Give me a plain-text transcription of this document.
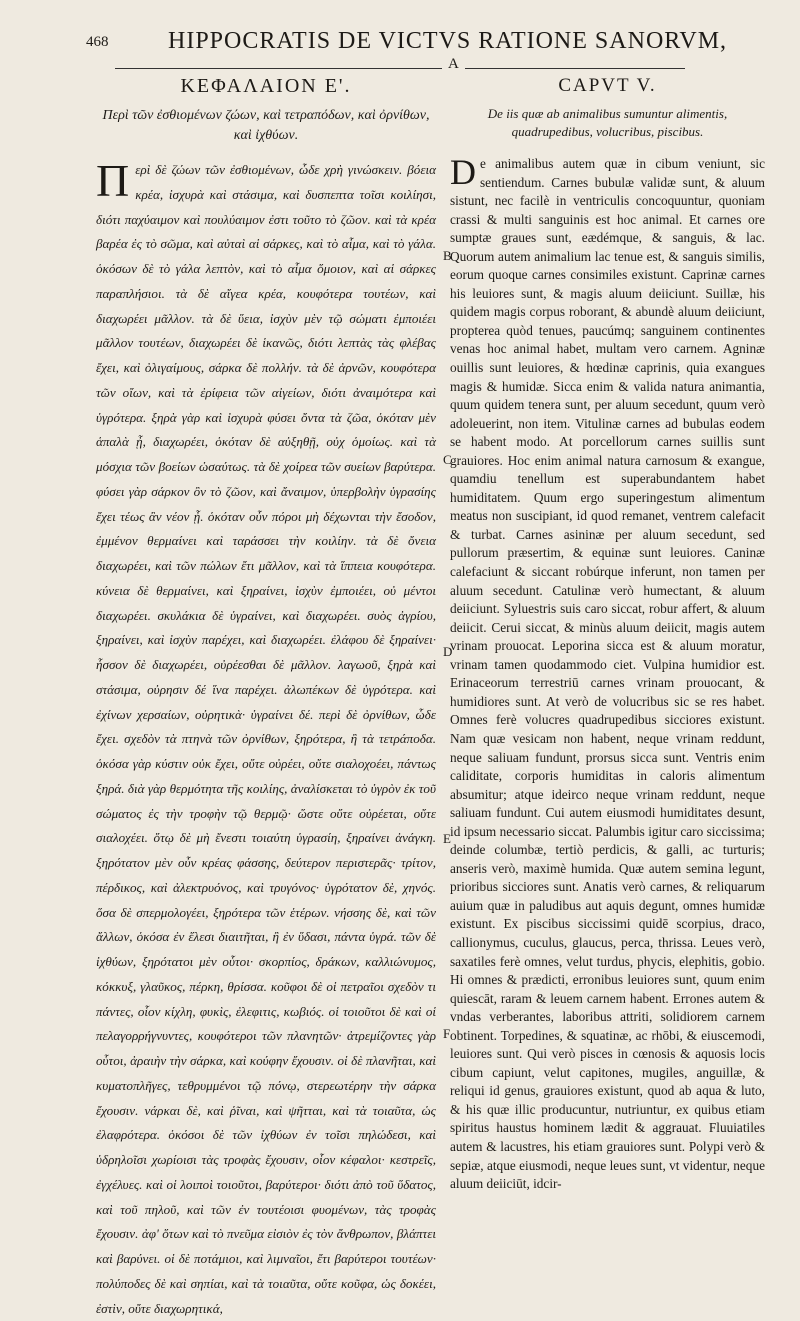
468 HIPPOCRATIS DE VICTVS RATIONE SANORVM,
A
ΚΕΦΑΛΑΙΟΝ Ε'.
Περὶ τῶν ἐσθιομένων ζώων, καὶ τετραπόδων, καὶ ὀρνίθων, καὶ ἰχθύων.

Περὶ δὲ ζώων τῶν ἐσθιομένων, ὧδε χρὴ γινώσκειν. βόεια κρέα, ἰσχυρὰ καὶ στάσιμα, καὶ δυσπεπτα τοῖσι κοιλίησι, διότι παχύαιμον καὶ πουλύαιμον ἐστι τοῦτο τὸ ζῶον. καὶ τὰ κρέα βαρέα ἐς τὸ σῶμα, καὶ αὐταὶ αἱ σάρκες, καὶ τὸ αἷμα, καὶ τὸ γάλα. ὁκόσων δὲ τὸ γάλα λεπτὸν, καὶ τὸ αἷμα ὅμοιον, καὶ αἱ σάρκες παραπλήσιοι. τὰ δὲ αἴγεα κρέα, κουφότερα τουτέων, καὶ διαχωρέει μᾶλλον. τὰ δὲ ὕεια, ἰσχὺν μὲν τῷ σώματι ἐμποιέει μᾶλλον τουτέων, διαχωρέει δὲ ἱκανῶς, διότι λεπτὰς τὰς φλέβας ἔχει, καὶ ὀλιγαίμους, σάρκα δὲ πολλήν. τὰ δὲ ἀρνῶν, κουφότερα τῶν οἴων, καὶ τὰ ἐρίφεια τῶν αἰγείων, διότι ἀναιμότερα καὶ ὑγρότερα. ξηρὰ γὰρ καὶ ἰσχυρὰ φύσει ὄντα τὰ ζῶα, ὁκόταν μὲν ἁπαλὰ ᾖ, διαχωρέει, ὁκόταν δὲ αὐξηθῇ, οὐχ ὁμοίως. καὶ τὰ μόσχια τῶν βοείων ὡσαύτως. τὰ δὲ χοίρεα τῶν συείων βαρύτερα. φύσει γὰρ σάρκον ὂν τὸ ζῶον, καὶ ἄναιμον, ὑπερβολὴν ὑγρασίης ἔχει τέως ἂν νέον ᾖ. ὁκόταν οὖν πόροι μὴ δέχωνται τὴν ἔσοδον, ἐμμένον θερμαίνει καὶ ταράσσει τὴν κοιλίην. τὰ δὲ ὄνεια διαχωρέει, καὶ τῶν πώλων ἔτι μᾶλλον, καὶ τὰ ἵππεια κουφότερα. κύνεια δὲ θερμαίνει, καὶ ξηραίνει, ἰσχὺν ἐμποιέει, οὐ μέντοι διαχωρέει. σκυλάκια δὲ ὑγραίνει, καὶ διαχωρέει. συὸς ἀγρίου, ξηραίνει, καὶ ἰσχὺν παρέχει, καὶ διαχωρέει. ἐλάφου δὲ ξηραίνει· ἧσσον δὲ διαχωρέει, οὐρέεσθαι δὲ μᾶλλον. λαγωοῦ, ξηρὰ καὶ στάσιμα, οὐρησιν δέ ἵνα παρέχει. ἀλωπέκων δὲ ὑγρότερα. καὶ ἐχίνων χερσαίων, οὐρητικὰ· ὑγραίνει δέ. περὶ δὲ ὀρνίθων, ὧδε ἔχει. σχεδὸν τὰ πτηνὰ τῶν ὀρνίθων, ξηρότερα, ἢ τὰ τετράποδα. ὁκόσα γὰρ κύστιν οὐκ ἔχει, οὔτε οὐρέει, οὔτε σιαλοχοέει, πάντως ξηρά. διὰ γὰρ θερμότητα τῆς κοιλίης, ἀναλίσκεται τὸ ὑγρὸν ἐκ τοῦ σώματος ἐς τὴν τροφὴν τῷ θερμῷ· ὥστε οὔτε οὐρέεται, οὔτε σιαλοχέει. ὅτῳ δὲ μὴ ἔνεστι τοιαύτη ὑγρασίη, ξηραίνει ἀνάγκη. ξηρότατον μὲν οὖν κρέας φάσσης, δεύτερον περιστερᾶς· τρίτον, πέρδικος, καὶ ἀλεκτρυόνος, καὶ τρυγόνος· ὑγρότατον δὲ, χηνός. ὅσα δὲ σπερμολογέει, ξηρότερα τῶν ἑτέρων. νήσσης δὲ, καὶ τῶν ἄλλων, ὁκόσα ἐν ἕλεσι διαιτῆται, ἢ ἐν ὕδασι, πάντα ὑγρά. τῶν δὲ ἰχθύων, ξηρότατοι μὲν οὗτοι· σκορπίος, δράκων, καλλιώνυμος, κόκκυξ, γλαῦκος, πέρκη, θρίσσα. κοῦφοι δὲ οἱ πετραῖοι σχεδὸν τι πάντες, οἷον κίχλη, φυκὶς, ἐλεφιτις, κωβιός. οἱ τοιοῦτοι δὲ καὶ οἱ πελαγορρήγνυντες, κουφότεροι τῶν πλανητῶν· ἀτρεμίζοντες γὰρ οὗτοι, ἀραιὴν τὴν σάρκα, καὶ κούφην ἔχουσιν. οἱ δὲ πλανῆται, καὶ κυματοπλῆγες, τεθρυμμένοι τῷ πόνῳ, στερεωτέρην τὴν σάρκα ἔχουσιν. νάρκαι δὲ, καὶ ῥῖναι, καὶ ψῆτται, καὶ τὰ τοιαῦτα, ὡς ἐλαφρότερα. ὁκόσοι δὲ τῶν ἰχθύων ἐν τοῖσι πηλώδεσι, καὶ ὑδρηλοῖσι χωρίοισι τὰς τροφὰς ἔχουσιν, οἷον κέφαλοι· κεστρεῖς, ἐγχέλυες. καὶ οἱ λοιποὶ τοιοῦτοι, βαρύτεροι· διότι ἀπὸ τοῦ ὕδατος, καὶ τοῦ πηλοῦ, καὶ τῶν ἐν τουτέοισι φυομένων, τὰς τροφὰς ἔχουσιν. ἀφ' ὅτων καὶ τὸ πνεῦμα εἰσιὸν ἐς τὸν ἄνθρωπον, βλάπτει καὶ βαρύνει. οἱ δὲ ποτάμιοι, καὶ λιμναῖοι, ἔτι βαρύτεροι τουτέων· πολύποδες δὲ καὶ σηπίαι, καὶ τὰ τοιαῦτα, οὔτε κοῦφα, ὡς δοκέει, ἐστὶν, οὔτε διαχωρητικά,

B
C
D
E
F
CAPVT V.
De iis quæ ab animalibus sumuntur alimentis, quadrupedibus, volucribus, piscibus.

De animalibus autem quæ in cibum veniunt, sic sentiendum. Carnes bubulæ validæ sunt, & aluum sistunt, nec facilè in ventriculis concoquuntur, quoniam crassi & multi sanguinis est hoc animal. Et carnes ore sumptæ graues sunt, eædémque, & sanguis, & lac. Quorum autem animalium lac tenue est, & sanguis similis, eorum quoque carnes consimiles existunt. Caprinæ carnes his leuiores sunt, & magis aluum deiiciunt. Suillæ, his quidem magis corpus roborant, & abundè aluum deiiciunt, propterea quòd tenues, paucúmq; sanguinem continentes venas hoc animal habet, multam vero carnem. Agninæ ouillis sunt leuiores, & hœdinæ caprinis, quia exangues magis & humidæ. Sicca enim & valida natura animantia, quum quidem tenera sunt, per aluum secedunt, quum verò adoleuerint, non item. Vitulinæ carnes ad bubulas eodem se habent modo. At porcellorum carnes suillis sunt grauiores. Hoc enim animal natura carnosum & exangue, quamdiu tenellum est superabundantem habet humiditatem. Quum ergo superingestum alimentum meatus non suscipiant, id quod remanet, ventrem calefacit & turbat. Carnes asininæ per aluum secedunt, sed pullorum præsertim, & equinæ sunt leuiores. Caninæ calefaciunt & siccant robúrque inferunt, non tamen per aluum secedunt. Catulinæ verò humectant, & aluum deiiciunt. Syluestris suis caro siccat, robur affert, & aluum deiicit. Cerui siccat, & minùs aluum deiicit, magis autem vrinam prouocat. Leporina sicca est & aluum moratur, vrinam tamen quodammodo ciet. Vulpina humidior est. Erinaceorum terrestriū carnes vrinam prouocant, & humidiores sunt. At verò de volucribus sic se res habet. Omnes ferè volucres quadrupedibus sicciores existunt. Nam quæ vesicam non habent, neque vrinam reddunt, neque saliuam fundunt, prorsus sicca sunt. Ventris enim caliditate, corporis humiditas in caloris alimentum absumitur; atque ideirco neque vrinam reddunt, neque saliuam fundunt. Cui autem eiusmodi humiditates desunt, id ipsum necessario siccat. Palumbis igitur caro siccissima; deinde columbæ, tertiò perdicis, & galli, ac turturis; anseris verò, maximè humida. Quæ autem semina legunt, prioribus sicciores sunt. Anatis verò carnes, & reliquarum auium quæ in paludibus aut aquis degunt, omnes humidæ existunt. Ex piscibus siccissimi quidē scorpius, draco, callionymus, cuculus, glaucus, perca, thrissa. Leues verò, saxatiles ferè omnes, velut turdus, phycis, elephitis, gobio. Hi omnes & prædicti, erronibus leuiores sunt, quum enim quiescāt, raram & leuem carnem habent. Errones autem & vndas verberantes, laboribus attriti, solidiorem carnem obtinent. Torpedines, & squatinæ, ac rhōbi, & eiuscemodi, leuiores sunt. Qui verò pisces in cœnosis & aquosis locis cibum capiunt, velut capitones, mugiles, anguillæ, & reliqui id genus, grauiores existunt, quod ab aqua & luto, & his quæ illic producuntur, nutriuntur, ex quibus etiam spiritus haustus hominem lædit & aggrauat. Fluuiatiles autem & lacustres, his etiam grauiores sunt. Polypi verò & sepiæ, atque eiusmodi, neque leues sunt, vt videntur, neque aluum deiiciūt, idcir-
